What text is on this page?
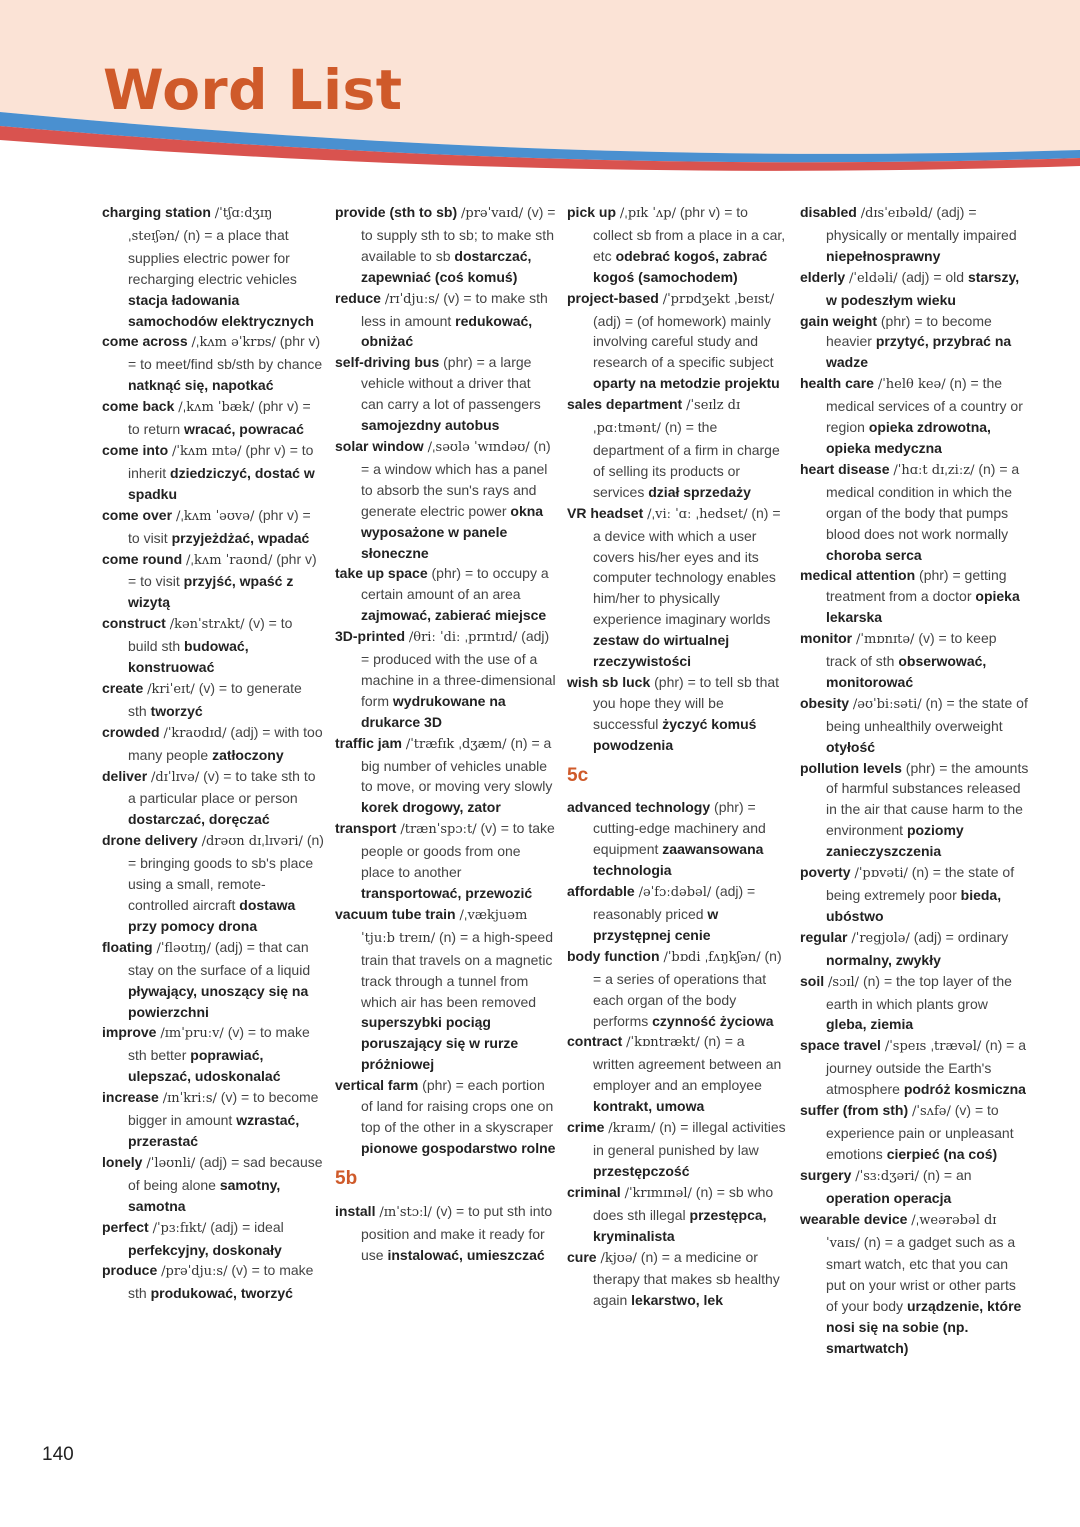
Word List
charging station /ˈtʃɑːdʒɪŋ ˌsteɪʃən/ (n) = a place that supplies electric power for recharging electric vehicles stacja ładowania samochodów elektrycznych
come across /ˌkʌm əˈkrɒs/ (phr v) = to meet/find sb/sth by chance natknąć się, napotkać
come back /ˌkʌm ˈbæk/ (phr v) = to return wracać, powracać
come into /ˈkʌm ɪntə/ (phr v) = to inherit dziedziczyć, dostać w spadku
come over /ˌkʌm ˈəʊvə/ (phr v) = to visit przyjeżdżać, wpadać
come round /ˌkʌm ˈraʊnd/ (phr v) = to visit przyjść, wpaść z wizytą
construct /kənˈstrʌkt/ (v) = to build sth budować, konstruować
create /kriˈeɪt/ (v) = to generate sth tworzyć
crowded /ˈkraʊdɪd/ (adj) = with too many people zatłoczony
deliver /dɪˈlɪvə/ (v) = to take sth to a particular place or person dostarczać, doręczać
drone delivery /drəʊn dɪˌlɪvəri/ (n) = bringing goods to sb's place using a small, remote-controlled aircraft dostawa przy pomocy drona
floating /ˈfləʊtɪŋ/ (adj) = that can stay on the surface of a liquid pływający, unoszący się na powierzchni
improve /ɪmˈpruːv/ (v) = to make sth better poprawiać, ulepszać, udoskonalać
increase /ɪnˈkriːs/ (v) = to become bigger in amount wzrastać, przerastać
lonely /ˈləʊnli/ (adj) = sad because of being alone samotny, samotna
perfect /ˈpɜːfɪkt/ (adj) = ideal perfekcyjny, doskonały
produce /prəˈdjuːs/ (v) = to make sth produkować, tworzyć
provide (sth to sb) /prəˈvaɪd/ (v) = to supply sth to sb; to make sth available to sb dostarczać, zapewniać (coś komuś)
reduce /rɪˈdjuːs/ (v) = to make sth less in amount redukować, obniżać
self-driving bus (phr) = a large vehicle without a driver that can carry a lot of passengers samojezdny autobus
solar window /ˌsəʊlə ˈwɪndəʊ/ (n) = a window which has a panel to absorb the sun's rays and generate electric power okna wyposażone w panele słoneczne
take up space (phr) = to occupy a certain amount of an area zajmować, zabierać miejsce
3D-printed /θriː ˈdiː ˌprɪntɪd/ (adj) = produced with the use of a machine in a three-dimensional form wydrukowane na drukarce 3D
traffic jam /ˈtræfɪk ˌdʒæm/ (n) = a big number of vehicles unable to move, or moving very slowly korek drogowy, zator
transport /trænˈspɔːt/ (v) = to take people or goods from one place to another transportować, przewozić
vacuum tube train /ˌvækjuəm ˈtjuːb treɪn/ (n) = a high-speed train that travels on a magnetic track through a tunnel from which air has been removed superszybki pociąg poruszający się w rurze próżniowej
vertical farm (phr) = each portion of land for raising crops one on top of the other in a skyscraper pionowe gospodarstwo rolne
5b
install /ɪnˈstɔːl/ (v) = to put sth into position and make it ready for use instalować, umieszczać
pick up /ˌpɪk ˈʌp/ (phr v) = to collect sb from a place in a car, etc odebrać kogoś, zabrać kogoś (samochodem)
project-based /ˈprɒdʒekt ˌbeɪst/ (adj) = (of homework) mainly involving careful study and research of a specific subject oparty na metodzie projektu
sales department /ˈseɪlz dɪˌpɑːtmənt/ (n) = the department of a firm in charge of selling its products or services dział sprzedaży
VR headset /ˌviː ˈɑː ˌhedset/ (n) = a device with which a user covers his/her eyes and its computer technology enables him/her to physically experience imaginary worlds zestaw do wirtualnej rzeczywistości
wish sb luck (phr) = to tell sb that you hope they will be successful życzyć komuś powodzenia
5c
advanced technology (phr) = cutting-edge machinery and equipment zaawansowana technologia
affordable /əˈfɔːdəbəl/ (adj) = reasonably priced w przystępnej cenie
body function /ˈbɒdi ˌfʌŋkʃən/ (n) = a series of operations that each organ of the body performs czynność życiowa
contract /ˈkɒntrækt/ (n) = a written agreement between an employer and an employee kontrakt, umowa
crime /kraɪm/ (n) = illegal activities in general punished by law przestępczość
criminal /ˈkrɪmɪnəl/ (n) = sb who does sth illegal przestępca, kryminalista
cure /kjʊə/ (n) = a medicine or therapy that makes sb healthy again lekarstwo, lek
disabled /dɪsˈeɪbəld/ (adj) = physically or mentally impaired niepełnosprawny
elderly /ˈeldəli/ (adj) = old starszy, w podeszłym wieku
gain weight (phr) = to become heavier przytyć, przybrać na wadze
health care /ˈhelθ keə/ (n) = the medical services of a country or region opieka zdrowotna, opieka medyczna
heart disease /ˈhɑːt dɪˌziːz/ (n) = a medical condition in which the organ of the body that pumps blood does not work normally choroba serca
medical attention (phr) = getting treatment from a doctor opieka lekarska
monitor /ˈmɒnɪtə/ (v) = to keep track of sth obserwować, monitorować
obesity /əʊˈbiːsəti/ (n) = the state of being unhealthily overweight otyłość
pollution levels (phr) = the amounts of harmful substances released in the air that cause harm to the environment poziomy zanieczyszczenia
poverty /ˈpɒvəti/ (n) = the state of being extremely poor bieda, ubóstwo
regular /ˈregjʊlə/ (adj) = ordinary normalny, zwykły
soil /sɔɪl/ (n) = the top layer of the earth in which plants grow gleba, ziemia
space travel /ˈspeɪs ˌtrævəl/ (n) = a journey outside the Earth's atmosphere podróż kosmiczna
suffer (from sth) /ˈsʌfə/ (v) = to experience pain or unpleasant emotions cierpieć (na coś)
surgery /ˈsɜːdʒəri/ (n) = an operation operacja
wearable device /ˌweərəbəl dɪˈvaɪs/ (n) = a gadget such as a smart watch, etc that you can put on your wrist or other parts of your body urządzenie, które nosi się na sobie (np. smartwatch)
140
